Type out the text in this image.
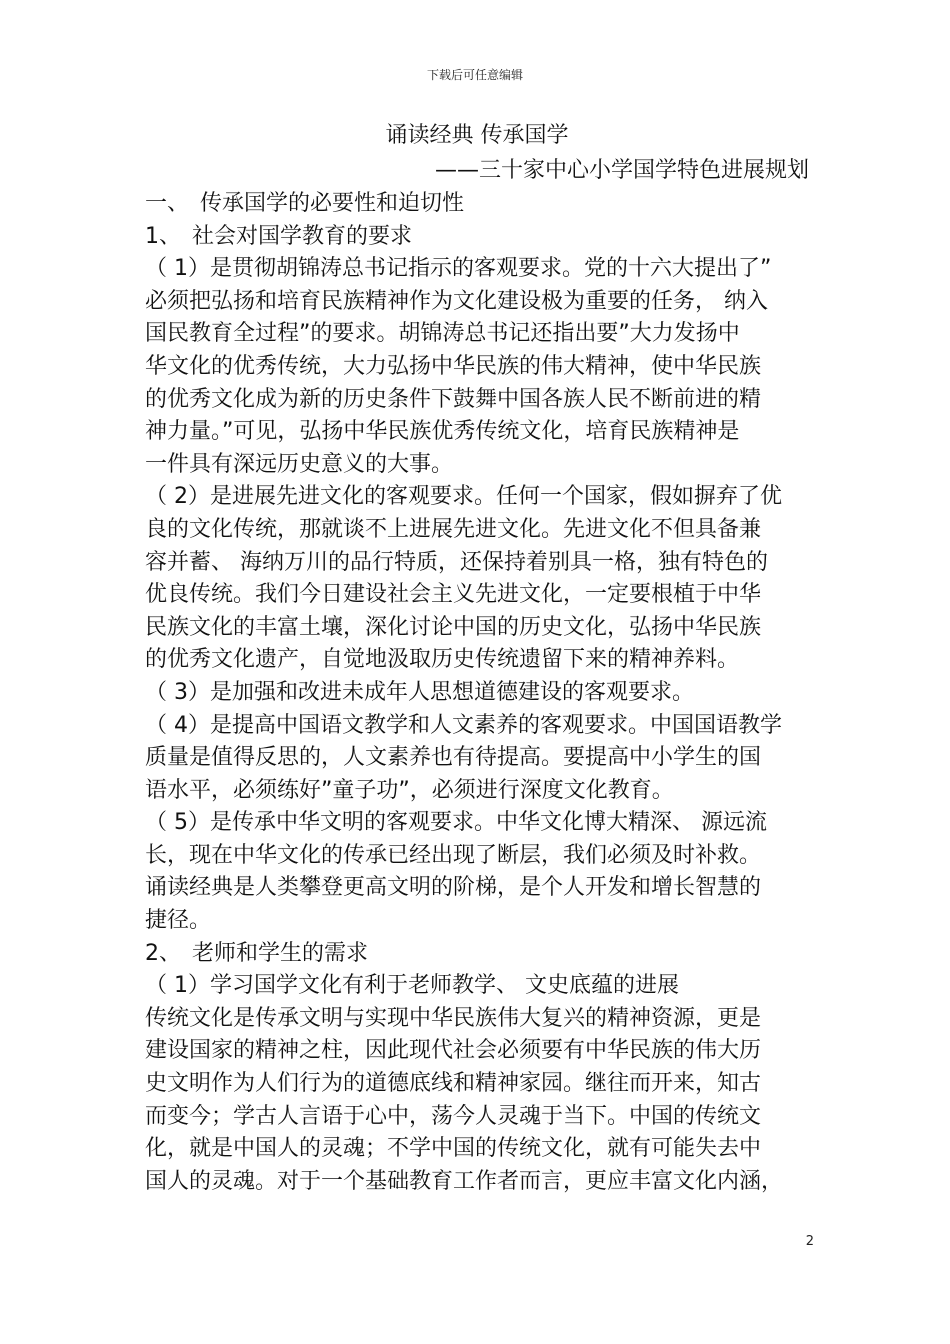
下载后可任意编辑

诵读经典 传承国学

——三十家中心小学国学特色进展规划

一、　传承国学的必要性和迫切性

1、　社会对国学教育的要求

（ 1）是贯彻胡锦涛总书记指示的客观要求。党的十六大提出了”

必须把弘扬和培育民族精神作为文化建设极为重要的任务， 纳入

国民教育全过程”的要求。胡锦涛总书记还指出要”大力发扬中

华文化的优秀传统，大力弘扬中华民族的伟大精神，使中华民族

的优秀文化成为新的历史条件下鼓舞中国各族人民不断前进的精

神力量。”可见，弘扬中华民族优秀传统文化，培育民族精神是

一件具有深远历史意义的大事。

（ 2）是进展先进文化的客观要求。任何一个国家，假如摒弃了优

良的文化传统，那就谈不上进展先进文化。先进文化不但具备兼

容并蓄、 海纳万川的品行特质，还保持着别具一格，独有特色的

优良传统。我们今日建设社会主义先进文化，一定要根植于中华

民族文化的丰富土壤，深化讨论中国的历史文化，弘扬中华民族

的优秀文化遗产，自觉地汲取历史传统遗留下来的精神养料。

（ 3）是加强和改进未成年人思想道德建设的客观要求。

（ 4）是提高中国语文教学和人文素养的客观要求。中国国语教学

质量是值得反思的，人文素养也有待提高。要提高中小学生的国

语水平，必须练好”童子功”，必须进行深度文化教育。

（ 5）是传承中华文明的客观要求。中华文化博大精深、 源远流

长，现在中华文化的传承已经出现了断层，我们必须及时补救。

诵读经典是人类攀登更高文明的阶梯，是个人开发和增长智慧的

捷径。

2、　老师和学生的需求

（ 1）学习国学文化有利于老师教学、 文史底蕴的进展

传统文化是传承文明与实现中华民族伟大复兴的精神资源，更是

建设国家的精神之柱，因此现代社会必须要有中华民族的伟大历

史文明作为人们行为的道德底线和精神家园。继往而开来，知古

而变今；学古人言语于心中，荡今人灵魂于当下。中国的传统文

化，就是中国人的灵魂；不学中国的传统文化，就有可能失去中

国人的灵魂。对于一个基础教育工作者而言，更应丰富文化内涵，

2
